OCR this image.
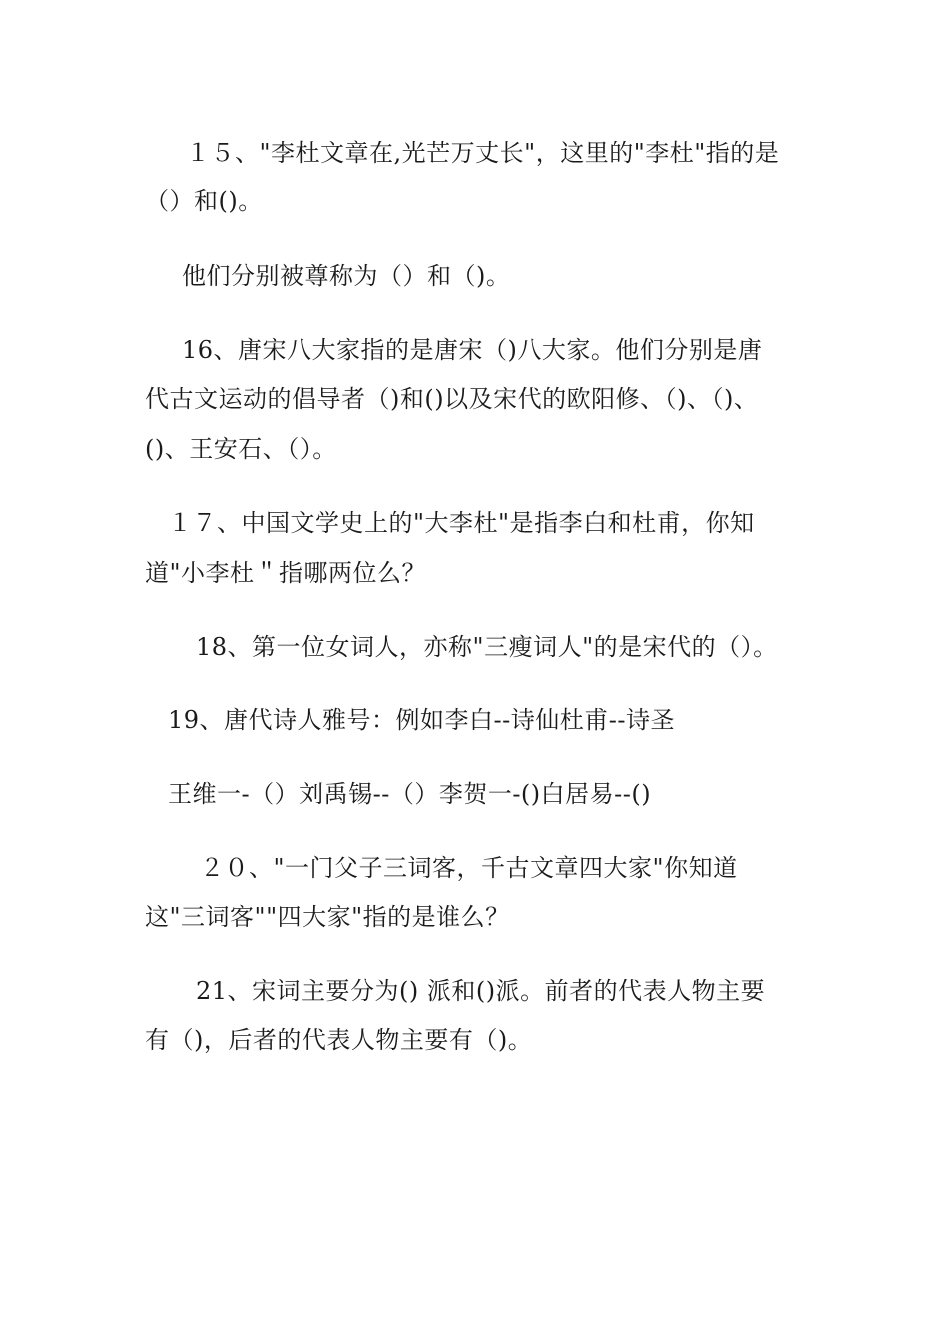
１５、"李杜文章在,光芒万丈长"，这里的"李杜"指的是
（）和()。
他们分别被尊称为（）和（)。
16、唐宋八大家指的是唐宋（)八大家。他们分别是唐
代古文运动的倡导者（)和()以及宋代的欧阳修、（)、（)、
()、王安石、（）。
１７、中国文学史上的"大李杜"是指李白和杜甫，你知
道"小李杜＂指哪两位么？
18、第一位女词人，亦称"三瘦词人"的是宋代的（）。
19、唐代诗人雅号：例如李白--诗仙杜甫--诗圣
王维一-（）刘禹锡--（）李贺一-()白居易--()
２０、"一门父子三词客，千古文章四大家"你知道
这"三词客""四大家"指的是谁么？
21、宋词主要分为() 派和()派。前者的代表人物主要
有（)，后者的代表人物主要有（)。
